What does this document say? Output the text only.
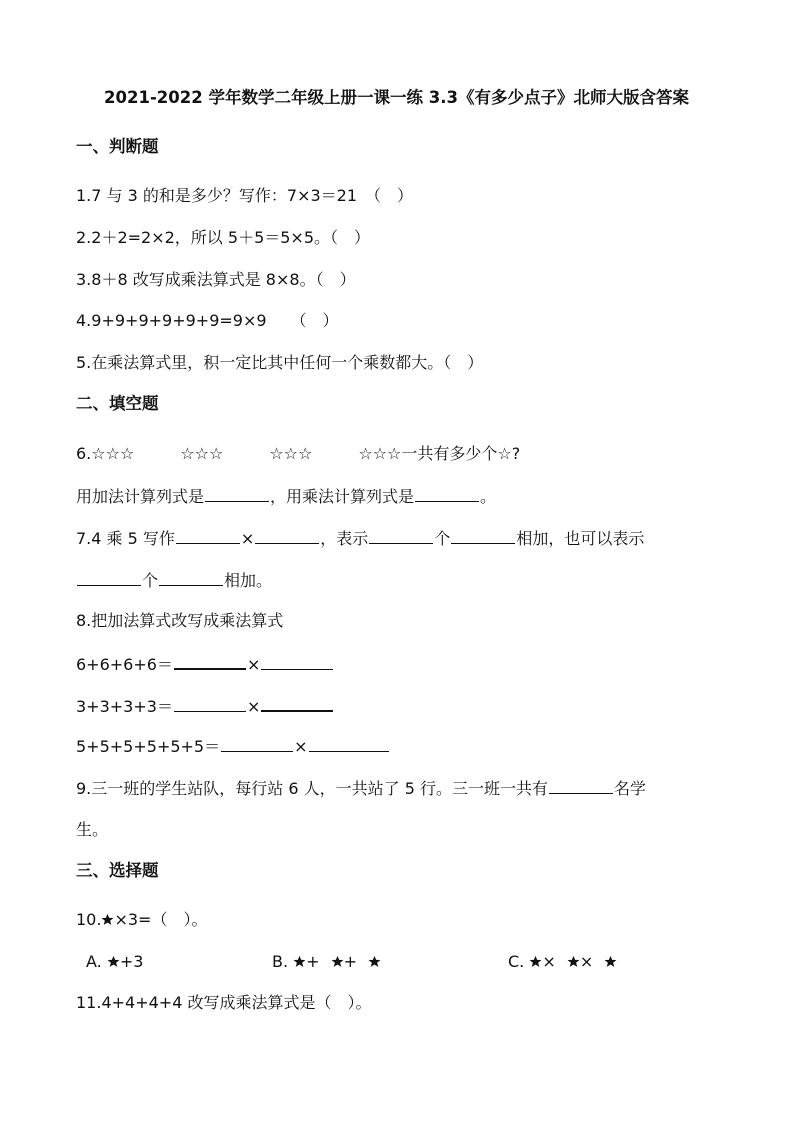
2021-2022 学年数学二年级上册一课一练 3.3《有多少点子》北师大版含答案
一、判断题
1.7 与 3 的和是多少？写作：7×3＝21　（　）
2.2＋2=2×2，所以 5＋5＝5×5。（　）
3.8＋8 改写成乘法算式是 8×8。（　）
4.9+9+9+9+9+9=9×9　　（　）
5.在乘法算式里，积一定比其中任何一个乘数都大。（　）
二、填空题
6.☆☆☆	☆☆☆	☆☆☆	☆☆☆一共有多少个☆?
用加法计算列式是	，用乘法计算列式是	。
7.4 乘 5 写作	×	，表示	个	相加，也可以表示
个	相加。
8.把加法算式改写成乘法算式
6+6+6+6＝	×
3+3+3+3＝	×
5+5+5+5+5+5＝	×
9.三一班的学生站队，每行站 6 人，一共站了 5 行。三一班一共有	名学
生。
三、选择题
10. ×3=（　）。
A. +3	B. + +	C. × ×
11.4+4+4+4 改写成乘法算式是（　）。
